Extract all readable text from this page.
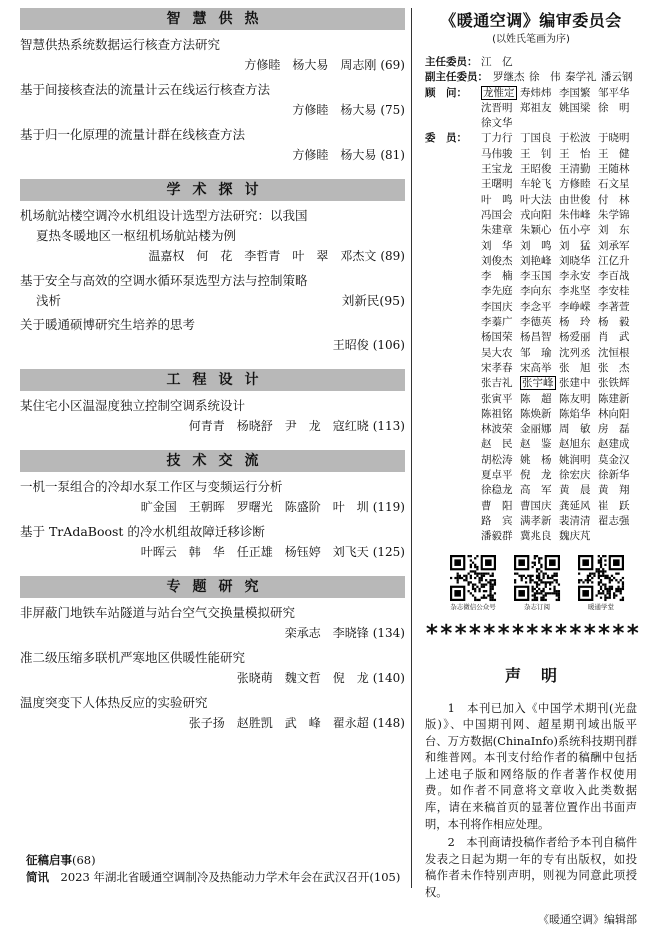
智慧供热
智慧供热系统数据运行核查方法研究
方修睦　杨大易　周志刚 (69)
基于间接核查法的流量计云在线运行核查方法
方修睦　杨大易 (75)
基于归一化原理的流量计群在线核查方法
方修睦　杨大易 (81)
学术探讨
机场航站楼空调冷水机组设计选型方法研究：以我国
夏热冬暖地区一枢纽机场航站楼为例
温嘉权　何　花　李哲青　叶　翠　邓杰文 (89)
基于安全与高效的空调水循环泵选型方法与控制策略
浅析	刘新民(95)
关于暖通硕博研究生培养的思考
王昭俊 (106)
工程设计
某住宅小区温湿度独立控制空调系统设计
何青青　杨晓舒　尹　龙　寇红晓 (113)
技术交流
一机一泵组合的冷却水泵工作区与变频运行分析
旷金国　王朝晖　罗曙光　陈盛阶　叶　圳 (119)
基于 TrAdaBoost 的冷水机组故障迁移诊断
叶晖云　韩　华　任正雄　杨钰婷　刘飞天 (125)
专题研究
非屏蔽门地铁车站隧道与站台空气交换量模拟研究
栾承志　李晓锋 (134)
准二级压缩多联机严寒地区供暖性能研究
张晓萌　魏文哲　倪　龙 (140)
温度突变下人体热反应的实验研究
张子扬　赵胜凯　武　峰　翟永超 (148)
征稿启事(68)
简讯　 2023 年湖北省暖通空调制冷及热能动力学术年会在武汉召开(105)
《暖通空调》编审委员会
(以姓氏笔画为序)
主任委员： 江　亿
副主任委员： 罗继杰 徐　伟 秦学礼 潘云钢
顾　问：	龙惟定 寿炜炜 李国繁 邹平华
沈晋明 郑祖友 姚国梁 徐　明
徐文华
委　员：	丁力行 丁国良 于松波 于晓明
马伟骏 王　钊 王　怡 王　健
王宝龙 王昭俊 王清勤 王随林
王曙明 车轮飞 方修睦 石文星
叶　鸣 叶大法 由世俊 付　林
冯国会 戎向阳 朱伟峰 朱学锦
朱建章 朱颖心 伍小亭 刘　东
刘　华 刘　鸣 刘　猛 刘承军
刘俊杰 刘艳峰 刘晓华 江亿升
李　楠 李玉国 李永安 李百战
李先庭 李向东 李兆坚 李安桂
李国庆 李念平 李峥嵘 李著萱
李蓁广 李德英 杨　玲 杨　毅
杨国荣 杨昌智 杨爱丽 肖　武
吴大农 邹　瑜 沈列丞 沈恒根
宋孝春 宋高举 张　旭 张　杰
张吉礼 张宇峰 张建中 张铁辉
张寅平 陈　超 陈友明 陈建新
陈祖铭 陈焕新 陈焰华 林向阳
林波荣 金丽娜 周　敏 房　磊
赵　民 赵　鉴 赵旭东 赵建成
胡松涛 姚　杨 姚润明 莫金汉
夏卓平 倪　龙 徐宏庆 徐新华
徐稳龙 高　军 黄　晨 黄　翔
曹　阳 曹国庆 龚延风 崔　跃
路　宾 满孝新 裴清清 翟志强
潘毅群 冀兆良 魏庆芃
杂志微信公众号	杂志订阅	暖通学堂
***************
声明

1　本刊已加入《中国学术期刊(光盘版)》、中国期刊网、超星期刊域出版平台、万方数据(ChinaInfo)系统科技期刊群和维普网。本刊支付给作者的稿酬中包括上述电子版和网络版的作者著作权使用费。如作者不同意将文章收入此类数据库，请在来稿首页的显著位置作出书面声明，本刊将作相应处理。

2　本刊商请投稿作者给予本刊自稿件发表之日起为期一年的专有出版权，如投稿作者未作特别声明，则视为同意此项授权。

《暖通空调》编辑部
